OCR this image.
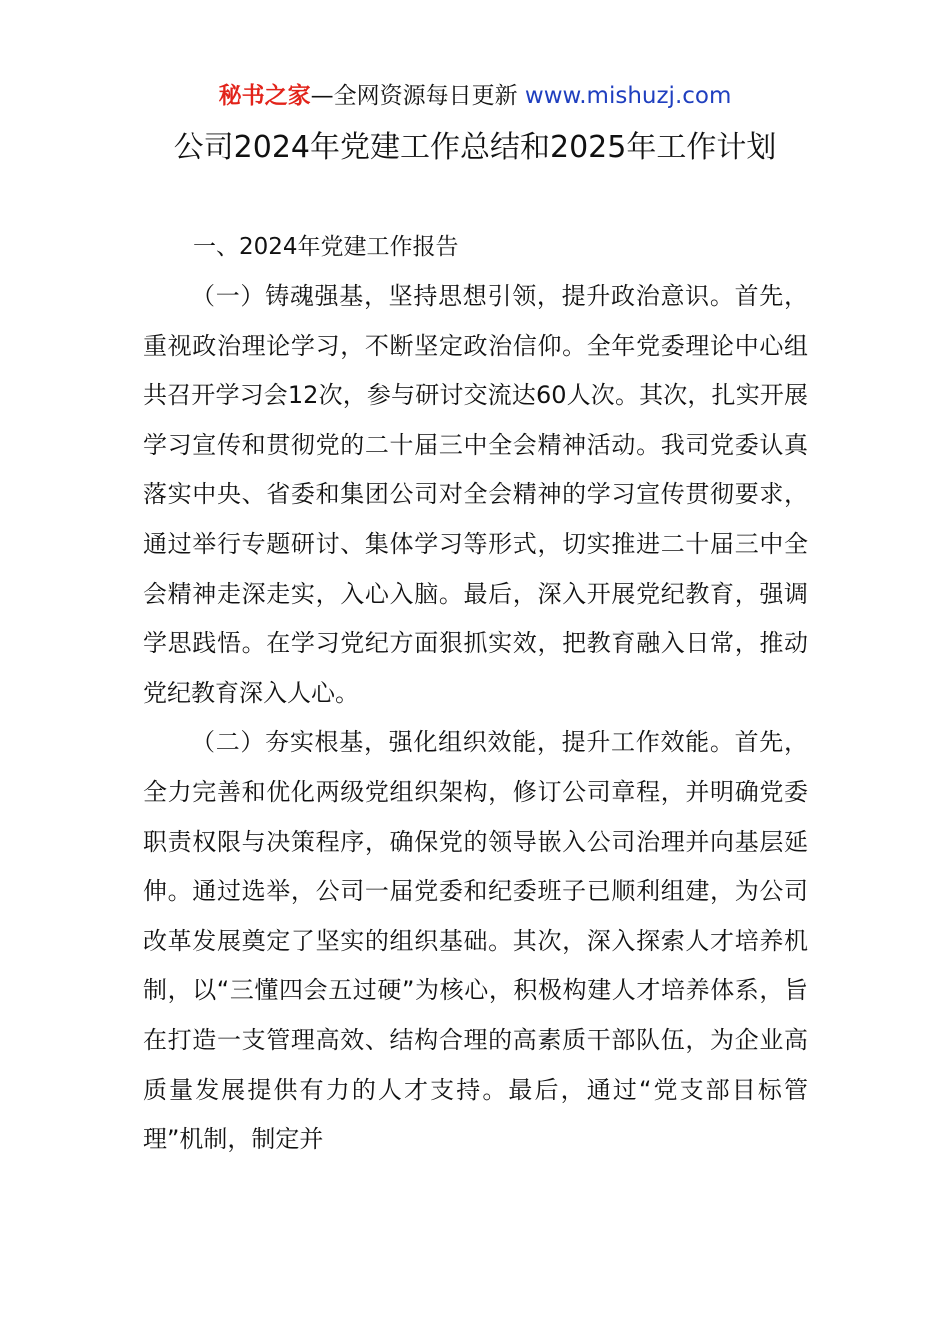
秘书之家—全网资源每日更新 www.mishuzj.com
公司2024年党建工作总结和2025年工作计划

一、2024年党建工作报告

（一）铸魂强基，坚持思想引领，提升政治意识。首先，重视政治理论学习，不断坚定政治信仰。全年党委理论中心组共召开学习会12次，参与研讨交流达60人次。其次，扎实开展学习宣传和贯彻党的二十届三中全会精神活动。我司党委认真落实中央、省委和集团公司对全会精神的学习宣传贯彻要求，通过举行专题研讨、集体学习等形式，切实推进二十届三中全会精神走深走实，入心入脑。最后，深入开展党纪教育，强调学思践悟。在学习党纪方面狠抓实效，把教育融入日常，推动党纪教育深入人心。

（二）夯实根基，强化组织效能，提升工作效能。首先，全力完善和优化两级党组织架构，修订公司章程，并明确党委职责权限与决策程序，确保党的领导嵌入公司治理并向基层延伸。通过选举，公司一届党委和纪委班子已顺利组建，为公司改革发展奠定了坚实的组织基础。其次，深入探索人才培养机制，以“三懂四会五过硬”为核心，积极构建人才培养体系，旨在打造一支管理高效、结构合理的高素质干部队伍，为企业高质量发展提供有力的人才支持。最后，通过“党支部目标管理”机制，制定并
